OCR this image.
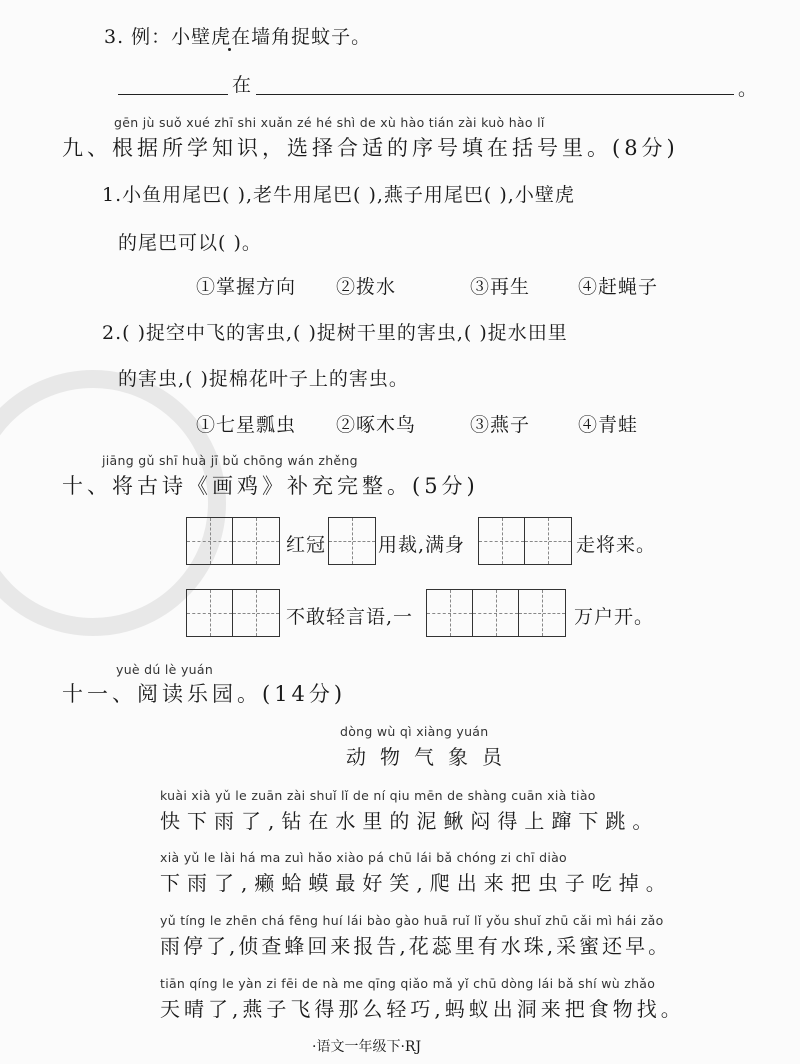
3. 例：小壁虎在墙角捉蚊子。
在	。
gēn jù suǒ xué zhī shi xuǎn zé hé shì de xù hào tián zài kuò hào lǐ
九、根据所学知识，选择合适的序号填在括号里。(8分)
1.小鱼用尾巴( ),老牛用尾巴( ),燕子用尾巴( ),小壁虎
的尾巴可以( )。
①掌握方向 ②拨水	③再生	④赶蝇子
2.( )捉空中飞的害虫,( )捉树干里的害虫,( )捉水田里
的害虫,( )捉棉花叶子上的害虫。
①七星瓢虫 ②啄木鸟	③燕子	④青蛙
jiāng gǔ shī huà jī bǔ chōng wán zhěng
十、将古诗《画鸡》补充完整。(5分)
红冠	用裁,满身	走将来。
不敢轻言语,一	万户开。
yuè dú lè yuán
十一、阅读乐园。(14分)
dòng wù qì xiàng yuán
动物气象员
kuài xià yǔ le zuān zài shuǐ lǐ de ní qiu mēn de shàng cuān xià tiào
快下雨了,钻在水里的泥鳅闷得上蹿下跳。
xià yǔ le lài há ma zuì hǎo xiào pá chū lái bǎ chóng zi chī diào
下雨了,癞蛤蟆最好笑,爬出来把虫子吃掉。
yǔ tíng le zhēn chá fēng huí lái bào gào huā ruǐ lǐ yǒu shuǐ zhū cǎi mì hái zǎo
雨停了,侦查蜂回来报告,花蕊里有水珠,采蜜还早。
tiān qíng le yàn zi fēi de nà me qīng qiǎo mǎ yǐ chū dòng lái bǎ shí wù zhǎo
天晴了,燕子飞得那么轻巧,蚂蚁出洞来把食物找。
·语文一年级下·RJ
